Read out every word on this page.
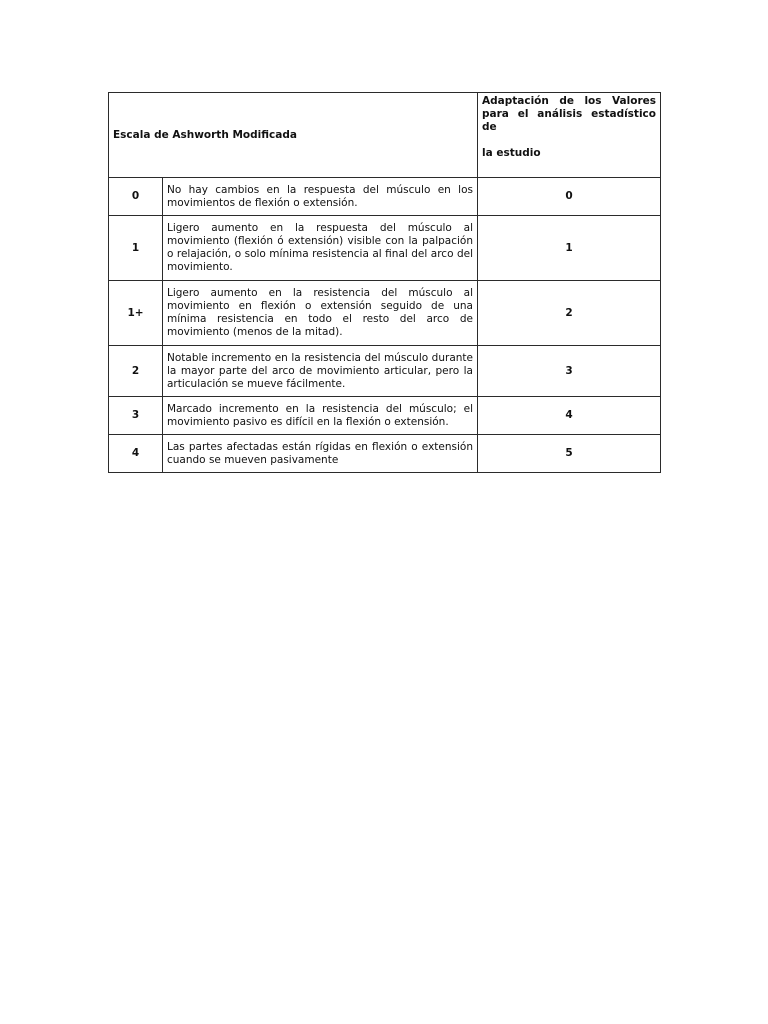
Escala de Ashworth Modificada		Adaptación de los Valores para el análisis estadístico de
la estudio
0	No hay cambios en la respuesta del músculo en los movimientos de flexión o extensión.	0
1	Ligero aumento en la respuesta del músculo al movimiento (flexión ó extensión) visible con la palpación o relajación, o solo mínima resistencia al final del arco del movimiento.	1
1+	Ligero aumento en la resistencia del músculo al movimiento en flexión o extensión seguido de una mínima resistencia en todo el resto del arco de movimiento (menos de la mitad).	2
2	Notable incremento en la resistencia del músculo durante la mayor parte del arco de movimiento articular, pero la articulación se mueve fácilmente.	3
3	Marcado incremento en la resistencia del músculo; el movimiento pasivo es difícil en la flexión o extensión.	4
4	Las partes afectadas están rígidas en flexión o extensión cuando se mueven pasivamente	5
